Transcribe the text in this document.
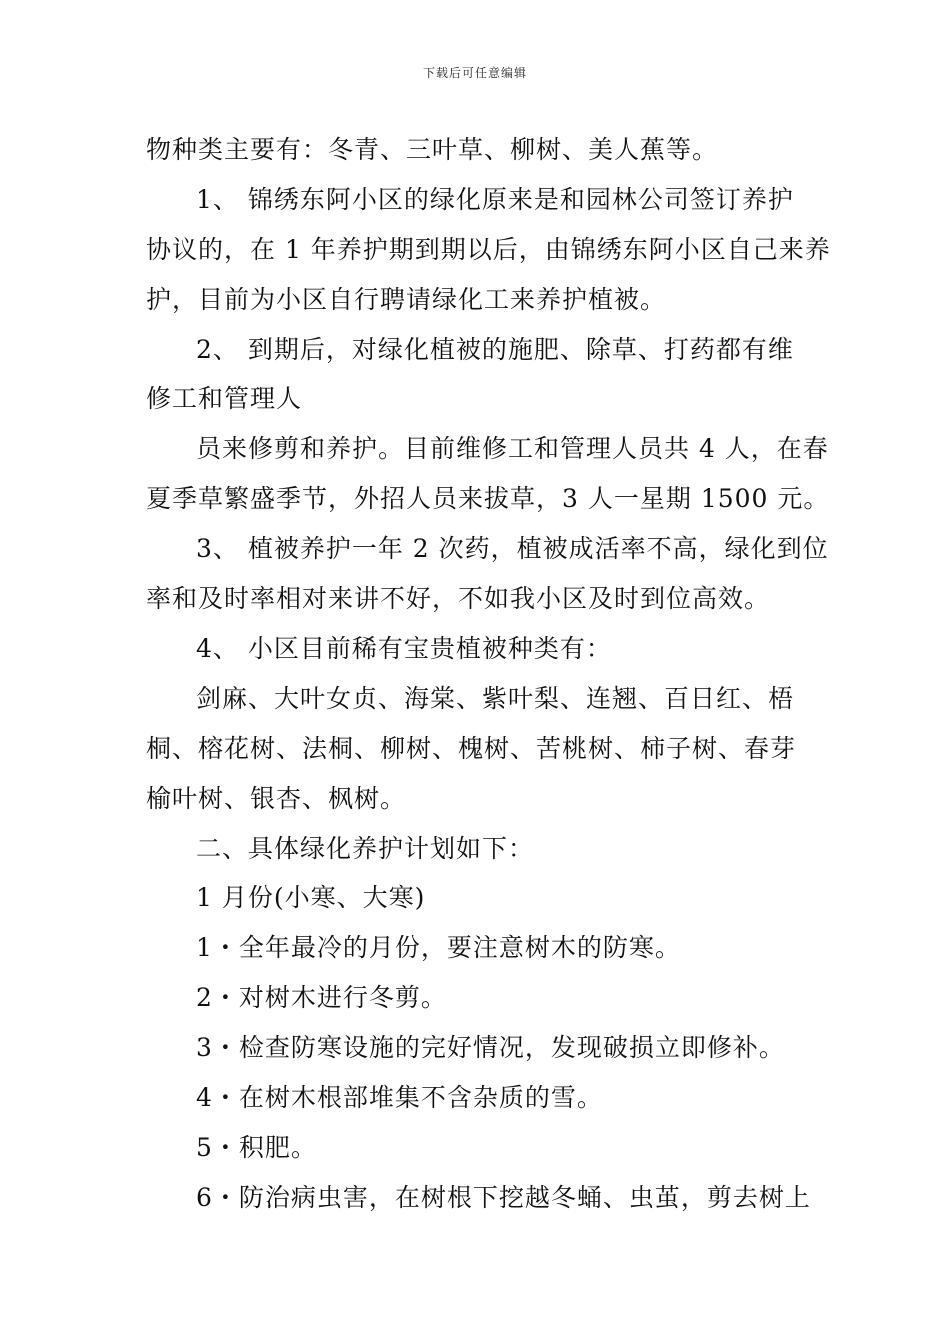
下载后可任意编辑
物种类主要有：冬青、三叶草、柳树、美人蕉等。
1、 锦绣东阿小区的绿化原来是和园林公司签订养护
协议的，在 1 年养护期到期以后，由锦绣东阿小区自己来养
护，目前为小区自行聘请绿化工来养护植被。
2、 到期后，对绿化植被的施肥、除草、打药都有维
修工和管理人
员来修剪和养护。目前维修工和管理人员共 4 人，在春
夏季草繁盛季节，外招人员来拔草，3 人一星期 1500 元。
3、 植被养护一年 2 次药，植被成活率不高，绿化到位
率和及时率相对来讲不好，不如我小区及时到位高效。
4、 小区目前稀有宝贵植被种类有：
剑麻、大叶女贞、海棠、紫叶梨、连翘、百日红、梧
桐、榕花树、法桐、柳树、槐树、苦桃树、柿子树、春芽
榆叶树、银杏、枫树。
二、具体绿化养护计划如下：
1 月份(小寒、大寒)
1・全年最冷的月份，要注意树木的防寒。
2・对树木进行冬剪。
3・检查防寒设施的完好情况，发现破损立即修补。
4・在树木根部堆集不含杂质的雪。
5・积肥。
6・防治病虫害，在树根下挖越冬蛹、虫茧，剪去树上
